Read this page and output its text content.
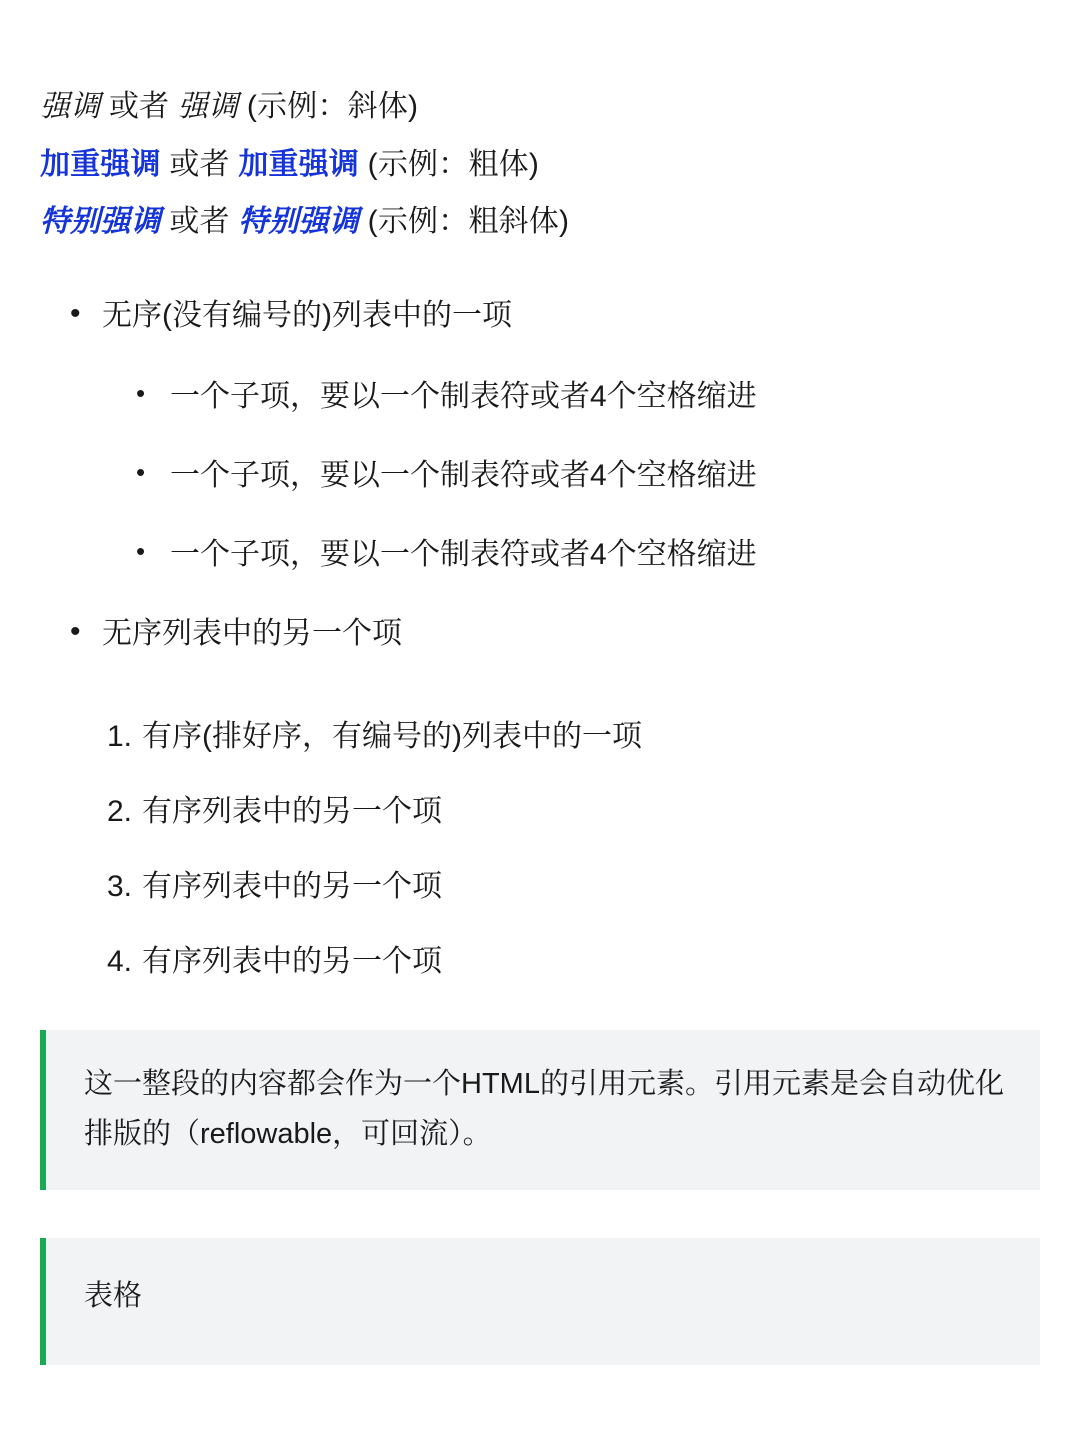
强调 或者 强调 (示例：斜体)
加重强调 或者 加重强调 (示例：粗体)
特别强调 或者 特别强调 (示例：粗斜体)
• 无序(没有编号的)列表中的一项
• 一个子项，要以一个制表符或者4个空格缩进
• 一个子项，要以一个制表符或者4个空格缩进
• 一个子项，要以一个制表符或者4个空格缩进
• 无序列表中的另一个项
有序(排好序，有编号的)列表中的一项
有序列表中的另一个项
有序列表中的另一个项
有序列表中的另一个项

这一整段的内容都会作为一个HTML的引用元素。引用元素是会自动优化排版的（reflowable，可回流）。

表格
